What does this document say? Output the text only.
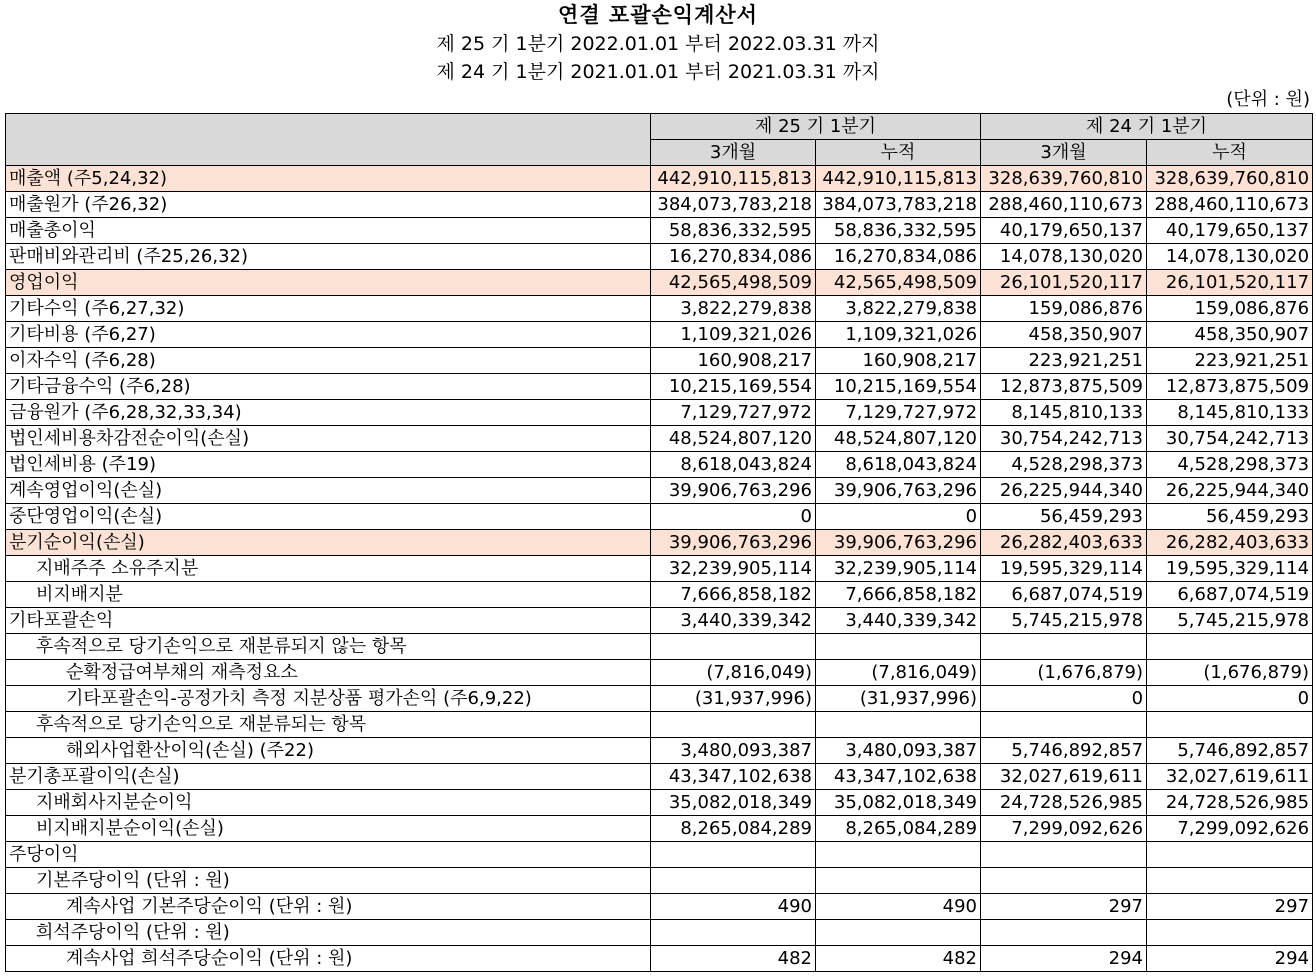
연결 포괄손익계산서
제 25 기 1분기 2022.01.01 부터 2022.03.31 까지
제 24 기 1분기 2021.01.01 부터 2021.03.31 까지
(단위 : 원)
	제 25 기 1분기		제 24 기 1분기	
	3개월	누적	3개월	누적
매출액 (주5,24,32)	442,910,115,813	442,910,115,813	328,639,760,810	328,639,760,810
매출원가 (주26,32)	384,073,783,218	384,073,783,218	288,460,110,673	288,460,110,673
매출총이익	58,836,332,595	58,836,332,595	40,179,650,137	40,179,650,137
판매비와관리비 (주25,26,32)	16,270,834,086	16,270,834,086	14,078,130,020	14,078,130,020
영업이익	42,565,498,509	42,565,498,509	26,101,520,117	26,101,520,117
기타수익 (주6,27,32)	3,822,279,838	3,822,279,838	159,086,876	159,086,876
기타비용 (주6,27)	1,109,321,026	1,109,321,026	458,350,907	458,350,907
이자수익 (주6,28)	160,908,217	160,908,217	223,921,251	223,921,251
기타금융수익 (주6,28)	10,215,169,554	10,215,169,554	12,873,875,509	12,873,875,509
금융원가 (주6,28,32,33,34)	7,129,727,972	7,129,727,972	8,145,810,133	8,145,810,133
법인세비용차감전순이익(손실)	48,524,807,120	48,524,807,120	30,754,242,713	30,754,242,713
법인세비용 (주19)	8,618,043,824	8,618,043,824	4,528,298,373	4,528,298,373
계속영업이익(손실)	39,906,763,296	39,906,763,296	26,225,944,340	26,225,944,340
중단영업이익(손실)	0	0	56,459,293	56,459,293
분기순이익(손실)	39,906,763,296	39,906,763,296	26,282,403,633	26,282,403,633
지배주주 소유주지분	32,239,905,114	32,239,905,114	19,595,329,114	19,595,329,114
비지배지분	7,666,858,182	7,666,858,182	6,687,074,519	6,687,074,519
기타포괄손익	3,440,339,342	3,440,339,342	5,745,215,978	5,745,215,978
후속적으로 당기손익으로 재분류되지 않는 항목				
순확정급여부채의 재측정요소	(7,816,049)	(7,816,049)	(1,676,879)	(1,676,879)
기타포괄손익-공정가치 측정 지분상품 평가손익 (주6,9,22)	(31,937,996)	(31,937,996)	0	0
후속적으로 당기손익으로 재분류되는 항목				
해외사업환산이익(손실) (주22)	3,480,093,387	3,480,093,387	5,746,892,857	5,746,892,857
분기총포괄이익(손실)	43,347,102,638	43,347,102,638	32,027,619,611	32,027,619,611
지배회사지분순이익	35,082,018,349	35,082,018,349	24,728,526,985	24,728,526,985
비지배지분순이익(손실)	8,265,084,289	8,265,084,289	7,299,092,626	7,299,092,626
주당이익				
기본주당이익 (단위 : 원)				
계속사업 기본주당순이익 (단위 : 원)	490	490	297	297
희석주당이익 (단위 : 원)				
계속사업 희석주당순이익 (단위 : 원)	482	482	294	294
